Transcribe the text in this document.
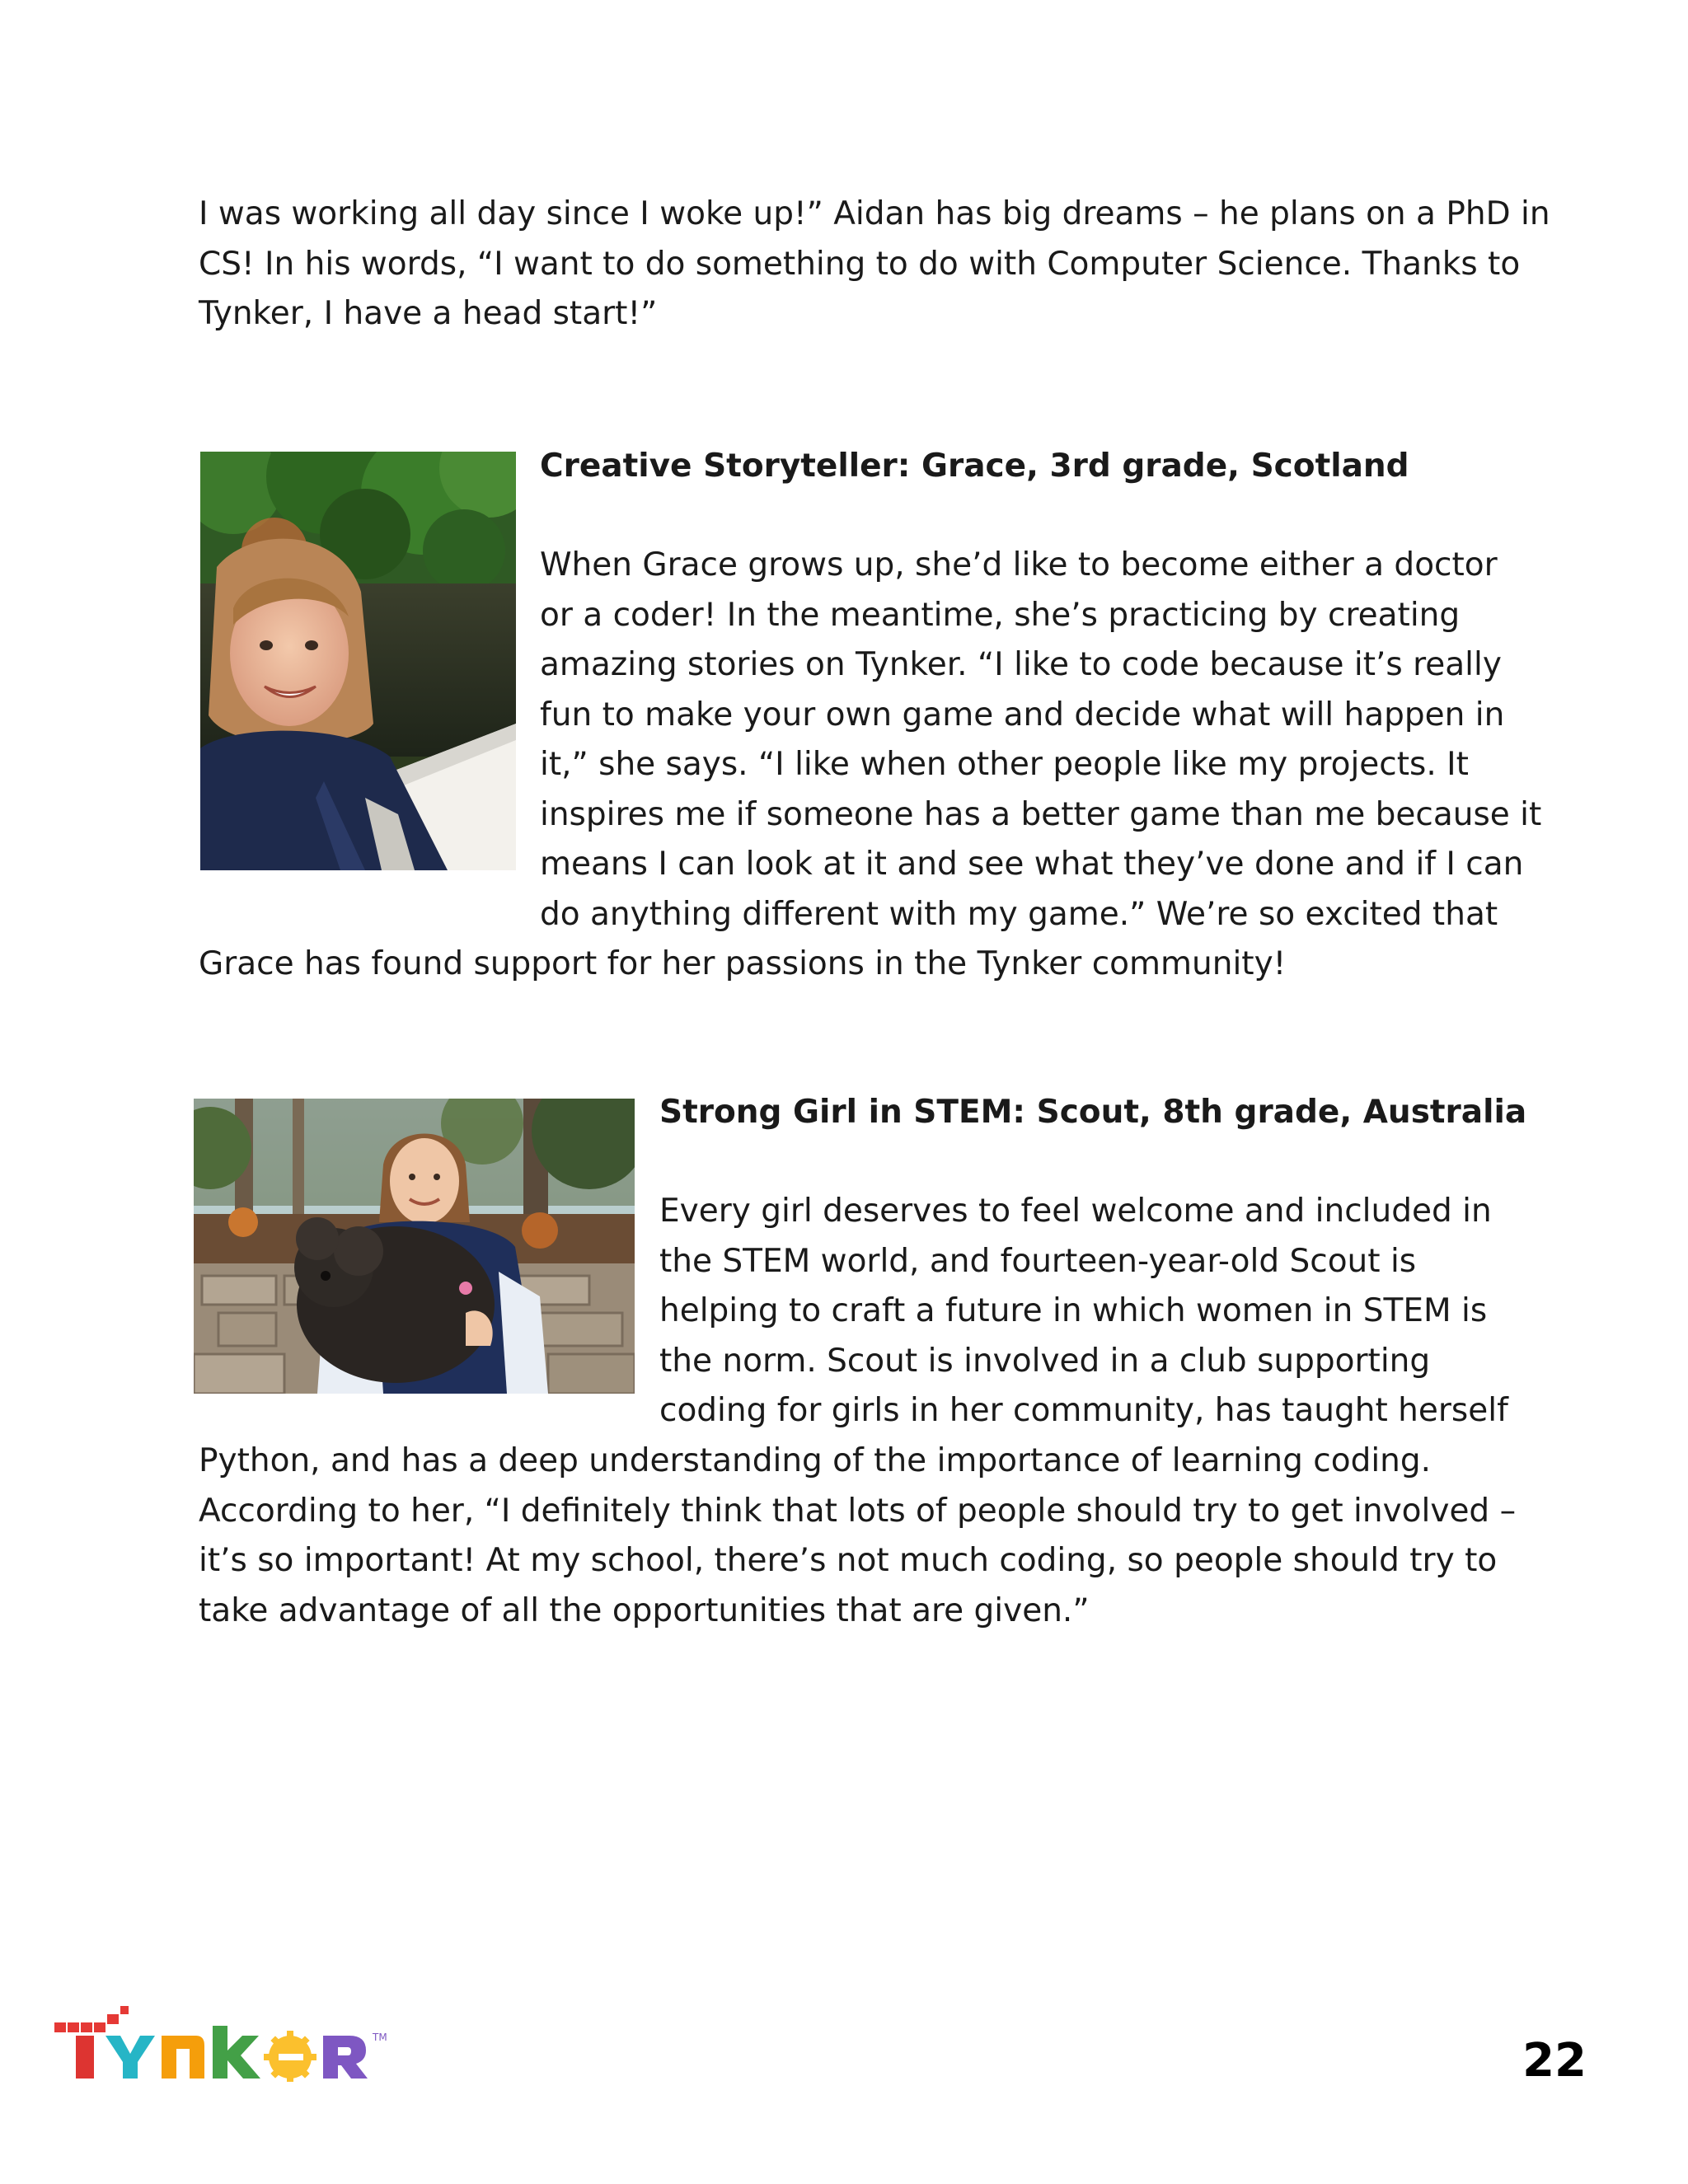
I was working all day since I woke up!” Aidan has big dreams – he plans on a PhD in
CS! In his words, “I want to do something to do with Computer Science. Thanks to
Tynker, I have a head start!”
Creative Storyteller: Grace, 3rd grade, Scotland
When Grace grows up, she’d like to become either a doctor
or a coder! In the meantime, she’s practicing by creating
amazing stories on Tynker. “I like to code because it’s really
fun to make your own game and decide what will happen in
it,” she says. “I like when other people like my projects. It
inspires me if someone has a better game than me because it
means I can look at it and see what they’ve done and if I can
do anything different with my game.” We’re so excited that
Grace has found support for her passions in the Tynker community!
Strong Girl in STEM: Scout, 8th grade, Australia
Every girl deserves to feel welcome and included in
the STEM world, and fourteen-year-old Scout is
helping to craft a future in which women in STEM is
the norm. Scout is involved in a club supporting
coding for girls in her community, has taught herself
Python, and has a deep understanding of the importance of learning coding.
According to her, “I definitely think that lots of people should try to get involved –
it’s so important! At my school, there’s not much coding, so people should try to
take advantage of all the opportunities that are given.”
TM	22
